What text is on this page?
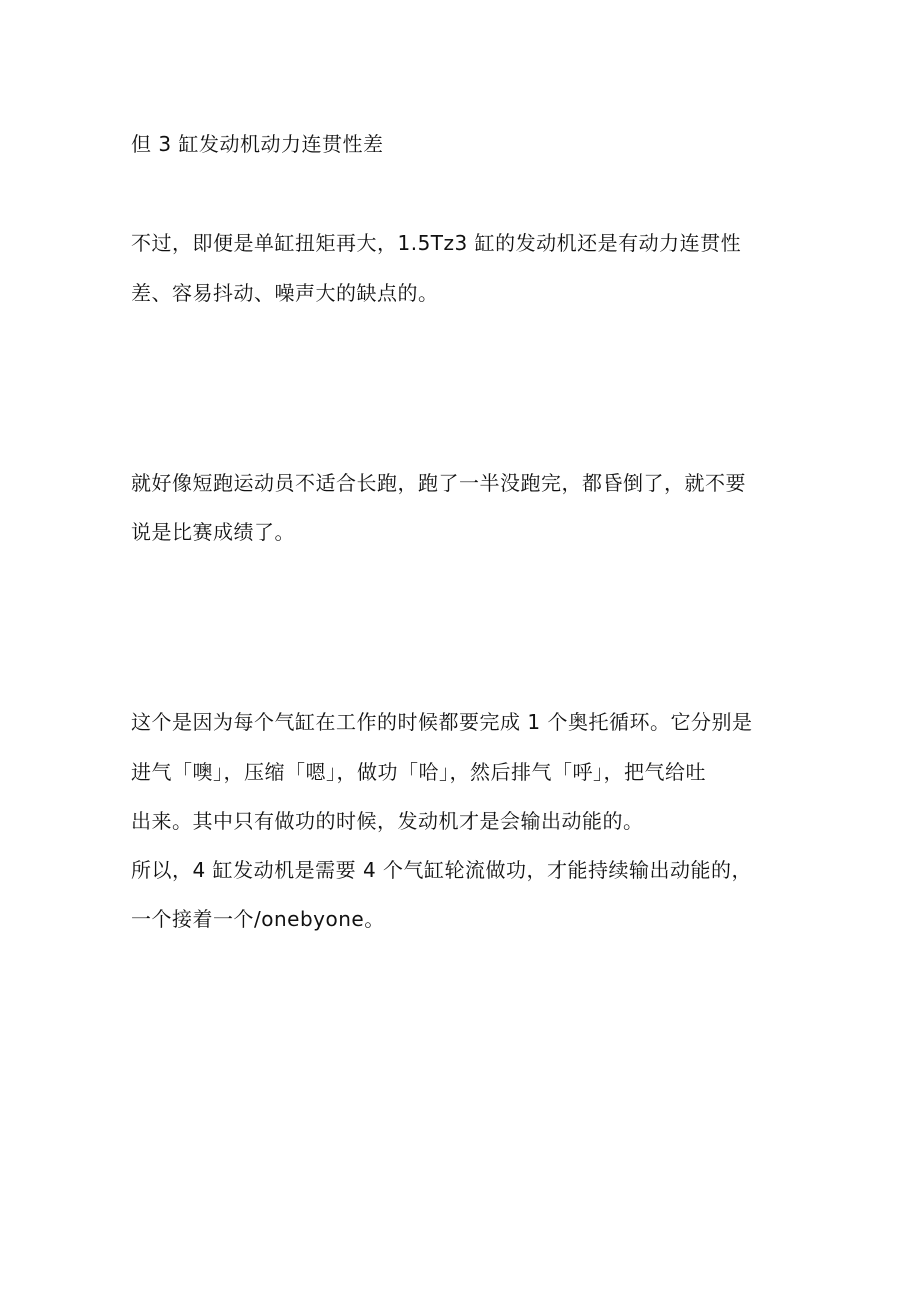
但 3 缸发动机动力连贯性差
不过，即便是单缸扭矩再大，1.5Tz3 缸的发动机还是有动力连贯性
差、容易抖动、噪声大的缺点的。
就好像短跑运动员不适合长跑，跑了一半没跑完，都昏倒了，就不要
说是比赛成绩了。
这个是因为每个气缸在工作的时候都要完成 1 个奥托循环。它分别是
进气「噢」，压缩「嗯」，做功「哈」，然后排气「呼」，把气给吐
出来。其中只有做功的时候，发动机才是会输出动能的。
所以，4 缸发动机是需要 4 个气缸轮流做功，才能持续输出动能的，
一个接着一个/onebyone。
